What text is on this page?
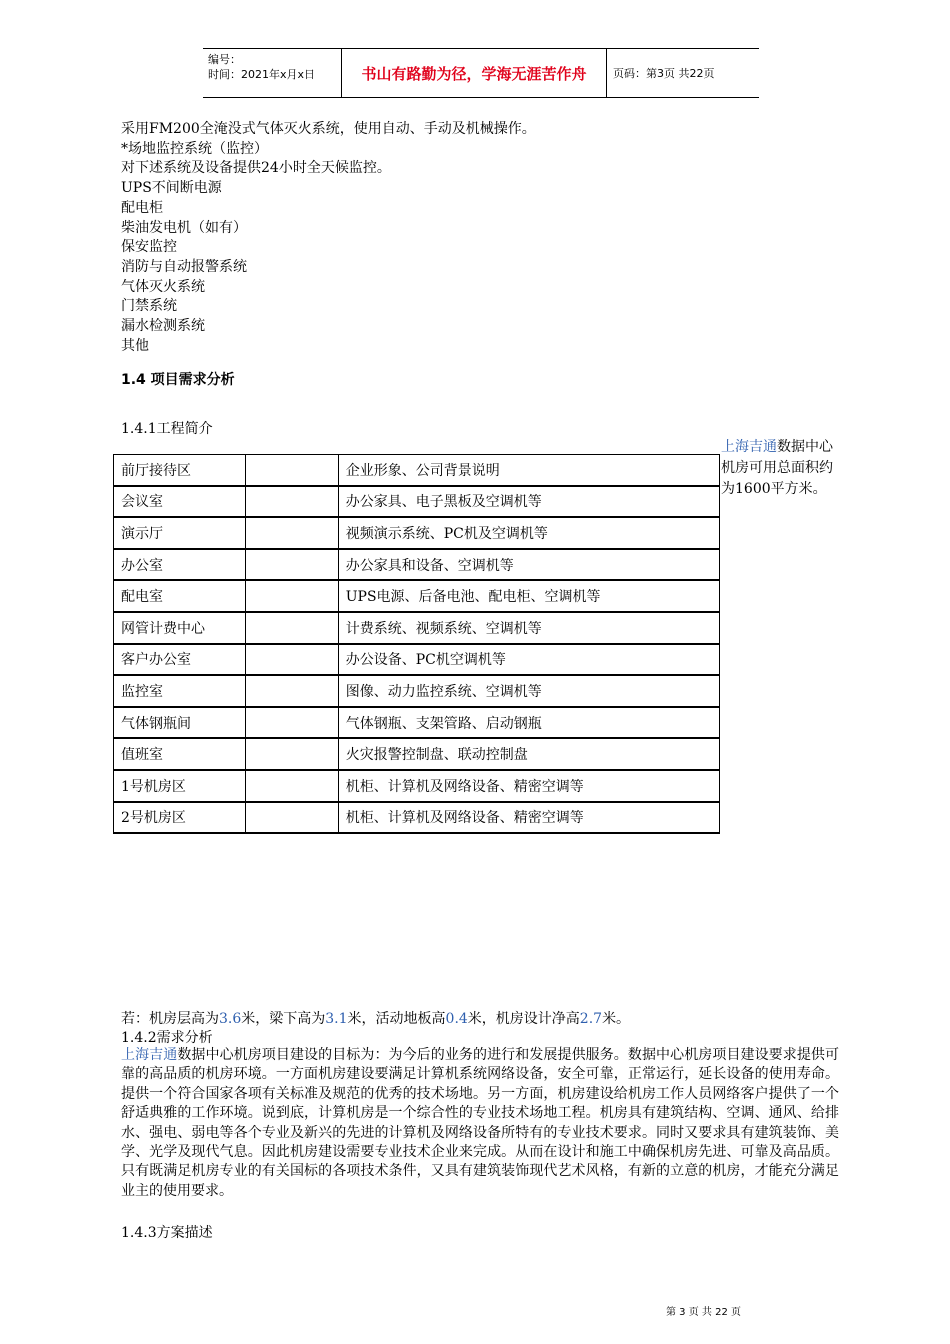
编号：
时间：2021年x月x日	书山有路勤为径，学海无涯苦作舟	页码：第3页 共22页
采用FM200全淹没式气体灭火系统，使用自动、手动及机械操作。
*场地监控系统（监控）
对下述系统及设备提供24小时全天候监控。
UPS不间断电源
配电柜
柴油发电机（如有）
保安监控
消防与自动报警系统
气体灭火系统
门禁系统
漏水检测系统
其他
1.4 项目需求分析
1.4.1工程简介
上海吉通数据中心机房可用总面积约为1600平方米。
前厅接待区		企业形象、公司背景说明
会议室		办公家具、电子黑板及空调机等
演示厅		视频演示系统、PC机及空调机等
办公室		办公家具和设备、空调机等
配电室		UPS电源、后备电池、配电柜、空调机等
网管计费中心		计费系统、视频系统、空调机等
客户办公室		办公设备、PC机空调机等
监控室		图像、动力监控系统、空调机等
气体钢瓶间		气体钢瓶、支架管路、启动钢瓶
值班室		火灾报警控制盘、联动控制盘
1号机房区		机柜、计算机及网络设备、精密空调等
2号机房区		机柜、计算机及网络设备、精密空调等
若：机房层高为3.6米，梁下高为3.1米，活动地板高0.4米，机房设计净高2.7米。
1.4.2需求分析
上海吉通数据中心机房项目建设的目标为：为今后的业务的进行和发展提供服务。数据中心机房项目建设要求提供可靠的高品质的机房环境。一方面机房建设要满足计算机系统网络设备，安全可靠，正常运行，延长设备的使用寿命。提供一个符合国家各项有关标准及规范的优秀的技术场地。另一方面，机房建设给机房工作人员网络客户提供了一个舒适典雅的工作环境。说到底，计算机房是一个综合性的专业技术场地工程。机房具有建筑结构、空调、通风、给排水、强电、弱电等各个专业及新兴的先进的计算机及网络设备所特有的专业技术要求。同时又要求具有建筑装饰、美学、光学及现代气息。因此机房建设需要专业技术企业来完成。从而在设计和施工中确保机房先进、可靠及高品质。只有既满足机房专业的有关国标的各项技术条件，又具有建筑装饰现代艺术风格，有新的立意的机房，才能充分满足业主的使用要求。
1.4.3方案描述
第 3 页 共 22 页
